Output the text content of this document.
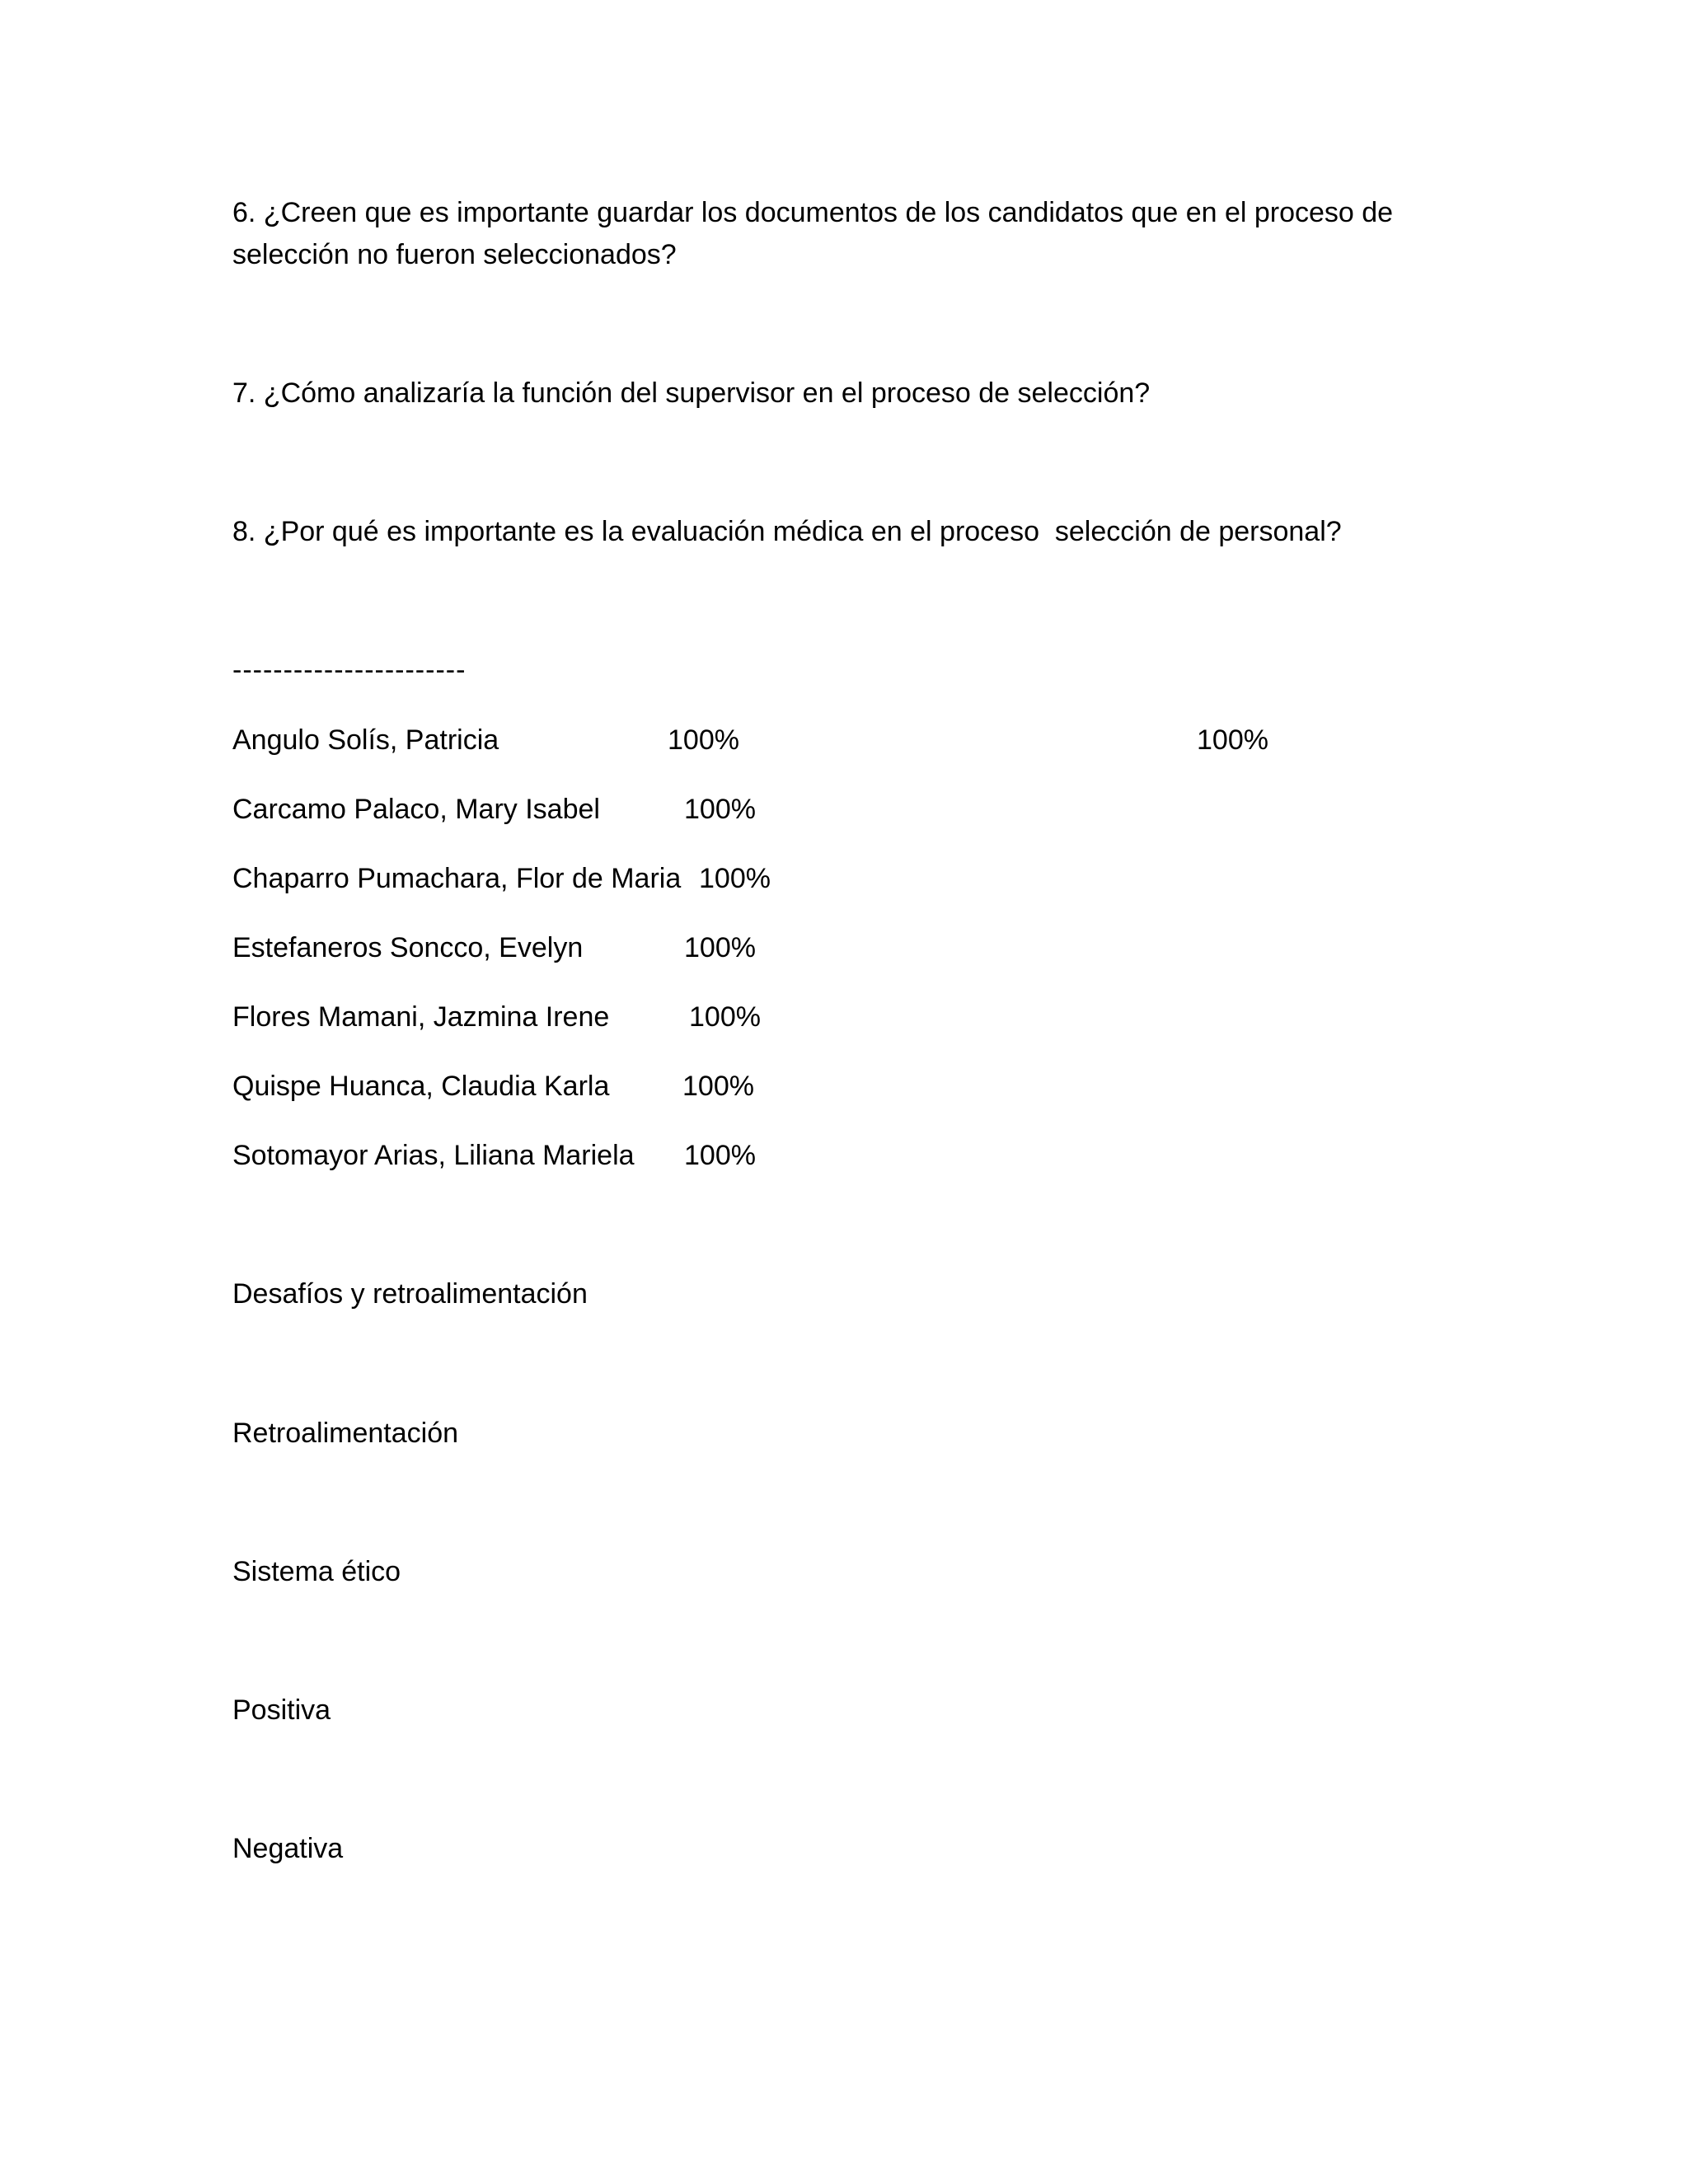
6. ¿Creen que es importante guardar los documentos de los candidatos que en el proceso de

selección no fueron seleccionados?

7. ¿Cómo analizaría la función del supervisor en el proceso de selección?

8. ¿Por qué es importante es la evaluación médica en el proceso  selección de personal?

-----------------------

Angulo Solís, Patricia	100%	100%
Carcamo Palaco, Mary Isabel	100%
Chaparro Pumachara, Flor de Maria 100%
Estefaneros Soncco, Evelyn	100%
Flores Mamani, Jazmina Irene	100%
Quispe Huanca, Claudia Karla	100%
Sotomayor Arias, Liliana Mariela 100%

Desafíos y retroalimentación

Retroalimentación

Sistema ético

Positiva

Negativa
